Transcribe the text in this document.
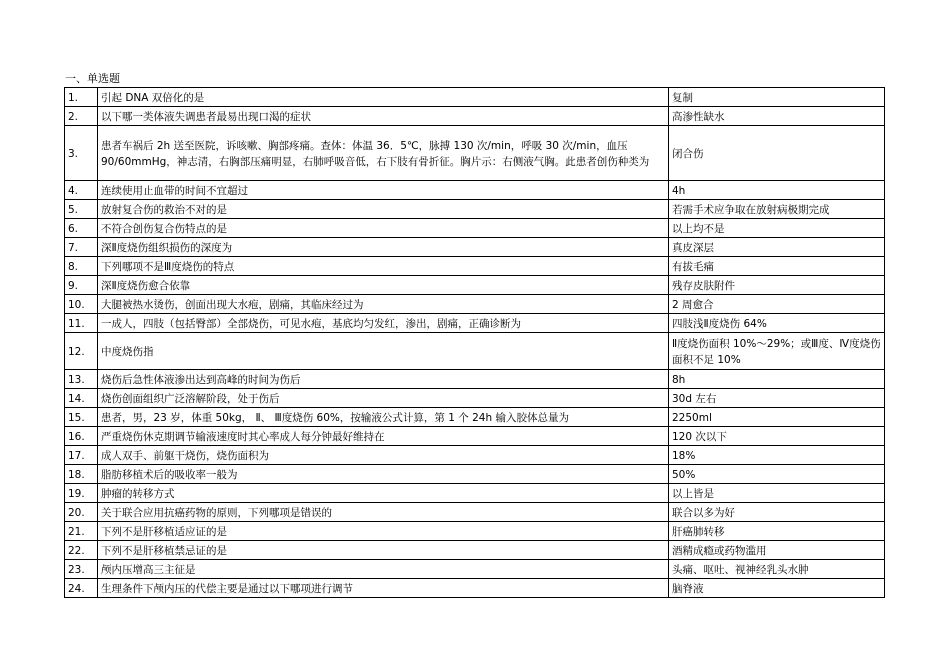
一、单选题
1.	引起 DNA 双倍化的是	复制
2.	以下哪一类体液失调患者最易出现口渴的症状	高渗性缺水
3.	患者车祸后 2h 送至医院，诉咳嗽、胸部疼痛。查体：体温 36．5℃，脉搏 130 次/min，呼吸 30 次/min，血压 90/60mmHg，神志清，右胸部压痛明显，右肺呼吸音低，右下肢有骨折征。胸片示：右侧液气胸。此患者创伤种类为	闭合伤
4.	连续使用止血带的时间不宜超过	4h
5.	放射复合伤的救治不对的是	若需手术应争取在放射病极期完成
6.	不符合创伤复合伤特点的是	以上均不是
7.	深Ⅱ度烧伤组织损伤的深度为	真皮深层
8.	下列哪项不是Ⅲ度烧伤的特点	有拔毛痛
9.	深Ⅱ度烧伤愈合依靠	残存皮肤附件
10.	大腿被热水烫伤，创面出现大水疱，剧痛，其临床经过为	2 周愈合
11.	一成人，四肢（包括臀部）全部烧伤，可见水疱，基底均匀发红，渗出，剧痛，正确诊断为	四肢浅Ⅱ度烧伤 64%
12.	中度烧伤指	Ⅱ度烧伤面积 10%～29%；或Ⅲ度、Ⅳ度烧伤面积不足 10%
13.	烧伤后急性体液渗出达到高峰的时间为伤后	8h
14.	烧伤创面组织广泛溶解阶段，处于伤后	30d 左右
15.	患者，男，23 岁，体重 50kg， Ⅱ、 Ⅲ度烧伤 60%，按输液公式计算，第 1 个 24h 输入胶体总量为	2250ml
16.	严重烧伤休克期调节输液速度时其心率成人每分钟最好维持在	120 次以下
17.	成人双手、前躯干烧伤，烧伤面积为	18%
18.	脂肪移植术后的吸收率一般为	50%
19.	肿瘤的转移方式	以上皆是
20.	关于联合应用抗癌药物的原则，下列哪项是错误的	联合以多为好
21.	下列不是肝移植适应证的是	肝癌肺转移
22.	下列不是肝移植禁忌证的是	酒精成瘾或药物滥用
23.	颅内压增高三主征是	头痛、呕吐、视神经乳头水肿
24.	生理条件下颅内压的代偿主要是通过以下哪项进行调节	脑脊液
